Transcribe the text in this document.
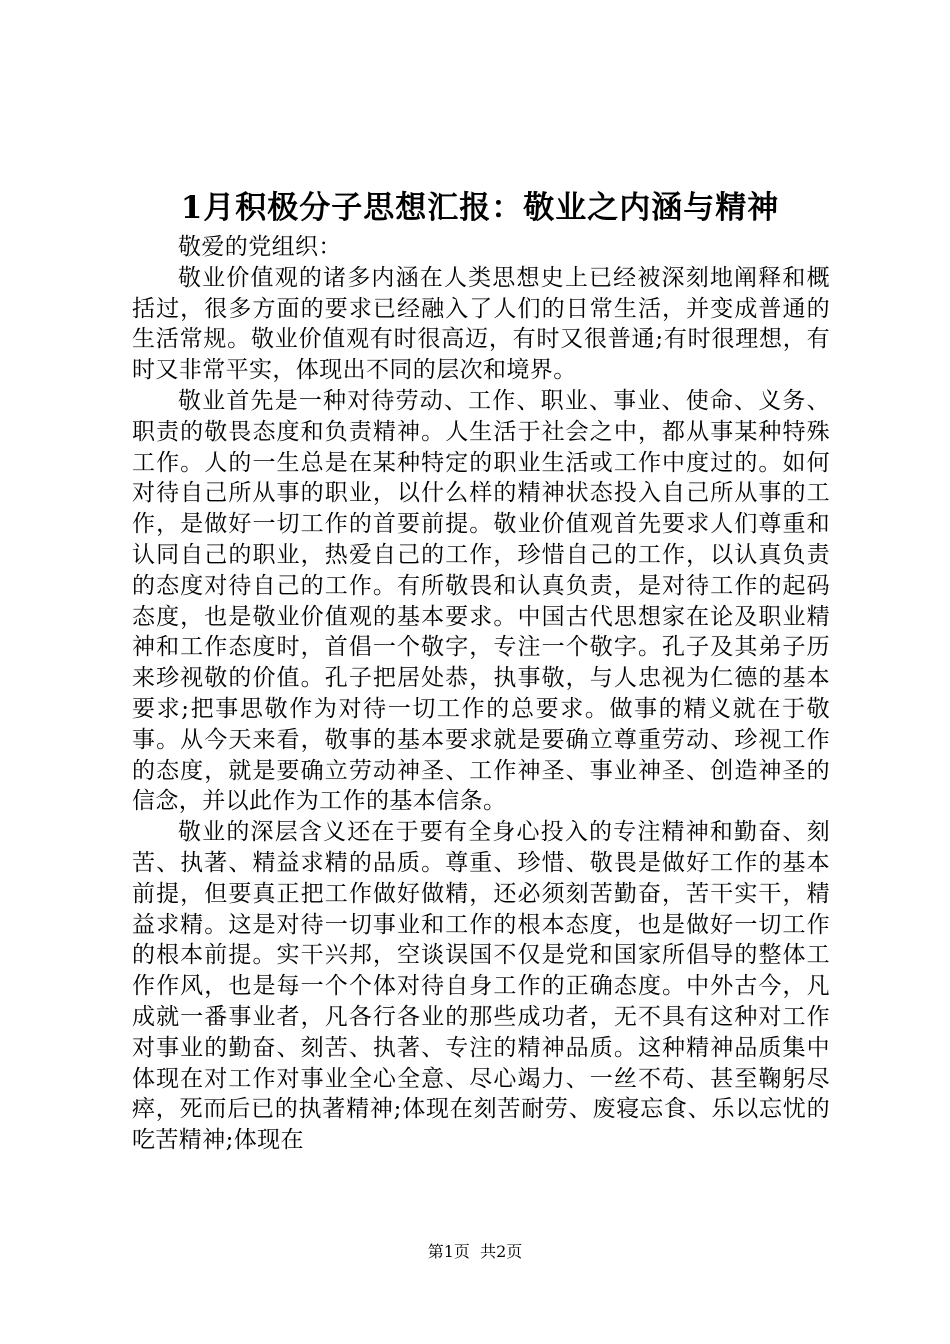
1月积极分子思想汇报：敬业之内涵与精神

敬爱的党组织：

敬业价值观的诸多内涵在人类思想史上已经被深刻地阐释和概括过，很多方面的要求已经融入了人们的日常生活，并变成普通的生活常规。敬业价值观有时很高迈，有时又很普通;有时很理想，有时又非常平实，体现出不同的层次和境界。

敬业首先是一种对待劳动、工作、职业、事业、使命、义务、职责的敬畏态度和负责精神。人生活于社会之中，都从事某种特殊工作。人的一生总是在某种特定的职业生活或工作中度过的。如何对待自己所从事的职业，以什么样的精神状态投入自己所从事的工作，是做好一切工作的首要前提。敬业价值观首先要求人们尊重和认同自己的职业，热爱自己的工作，珍惜自己的工作，以认真负责的态度对待自己的工作。有所敬畏和认真负责，是对待工作的起码态度，也是敬业价值观的基本要求。中国古代思想家在论及职业精神和工作态度时，首倡一个敬字，专注一个敬字。孔子及其弟子历来珍视敬的价值。孔子把居处恭，执事敬，与人忠视为仁德的基本要求;把事思敬作为对待一切工作的总要求。做事的精义就在于敬事。从今天来看，敬事的基本要求就是要确立尊重劳动、珍视工作的态度，就是要确立劳动神圣、工作神圣、事业神圣、创造神圣的信念，并以此作为工作的基本信条。

敬业的深层含义还在于要有全身心投入的专注精神和勤奋、刻苦、执著、精益求精的品质。尊重、珍惜、敬畏是做好工作的基本前提，但要真正把工作做好做精，还必须刻苦勤奋，苦干实干，精益求精。这是对待一切事业和工作的根本态度，也是做好一切工作的根本前提。实干兴邦，空谈误国不仅是党和国家所倡导的整体工作作风，也是每一个个体对待自身工作的正确态度。中外古今，凡成就一番事业者，凡各行各业的那些成功者，无不具有这种对工作对事业的勤奋、刻苦、执著、专注的精神品质。这种精神品质集中体现在对工作对事业全心全意、尽心竭力、一丝不苟、甚至鞠躬尽瘁，死而后已的执著精神;体现在刻苦耐劳、废寝忘食、乐以忘忧的吃苦精神;体现在

第1页  共2页
